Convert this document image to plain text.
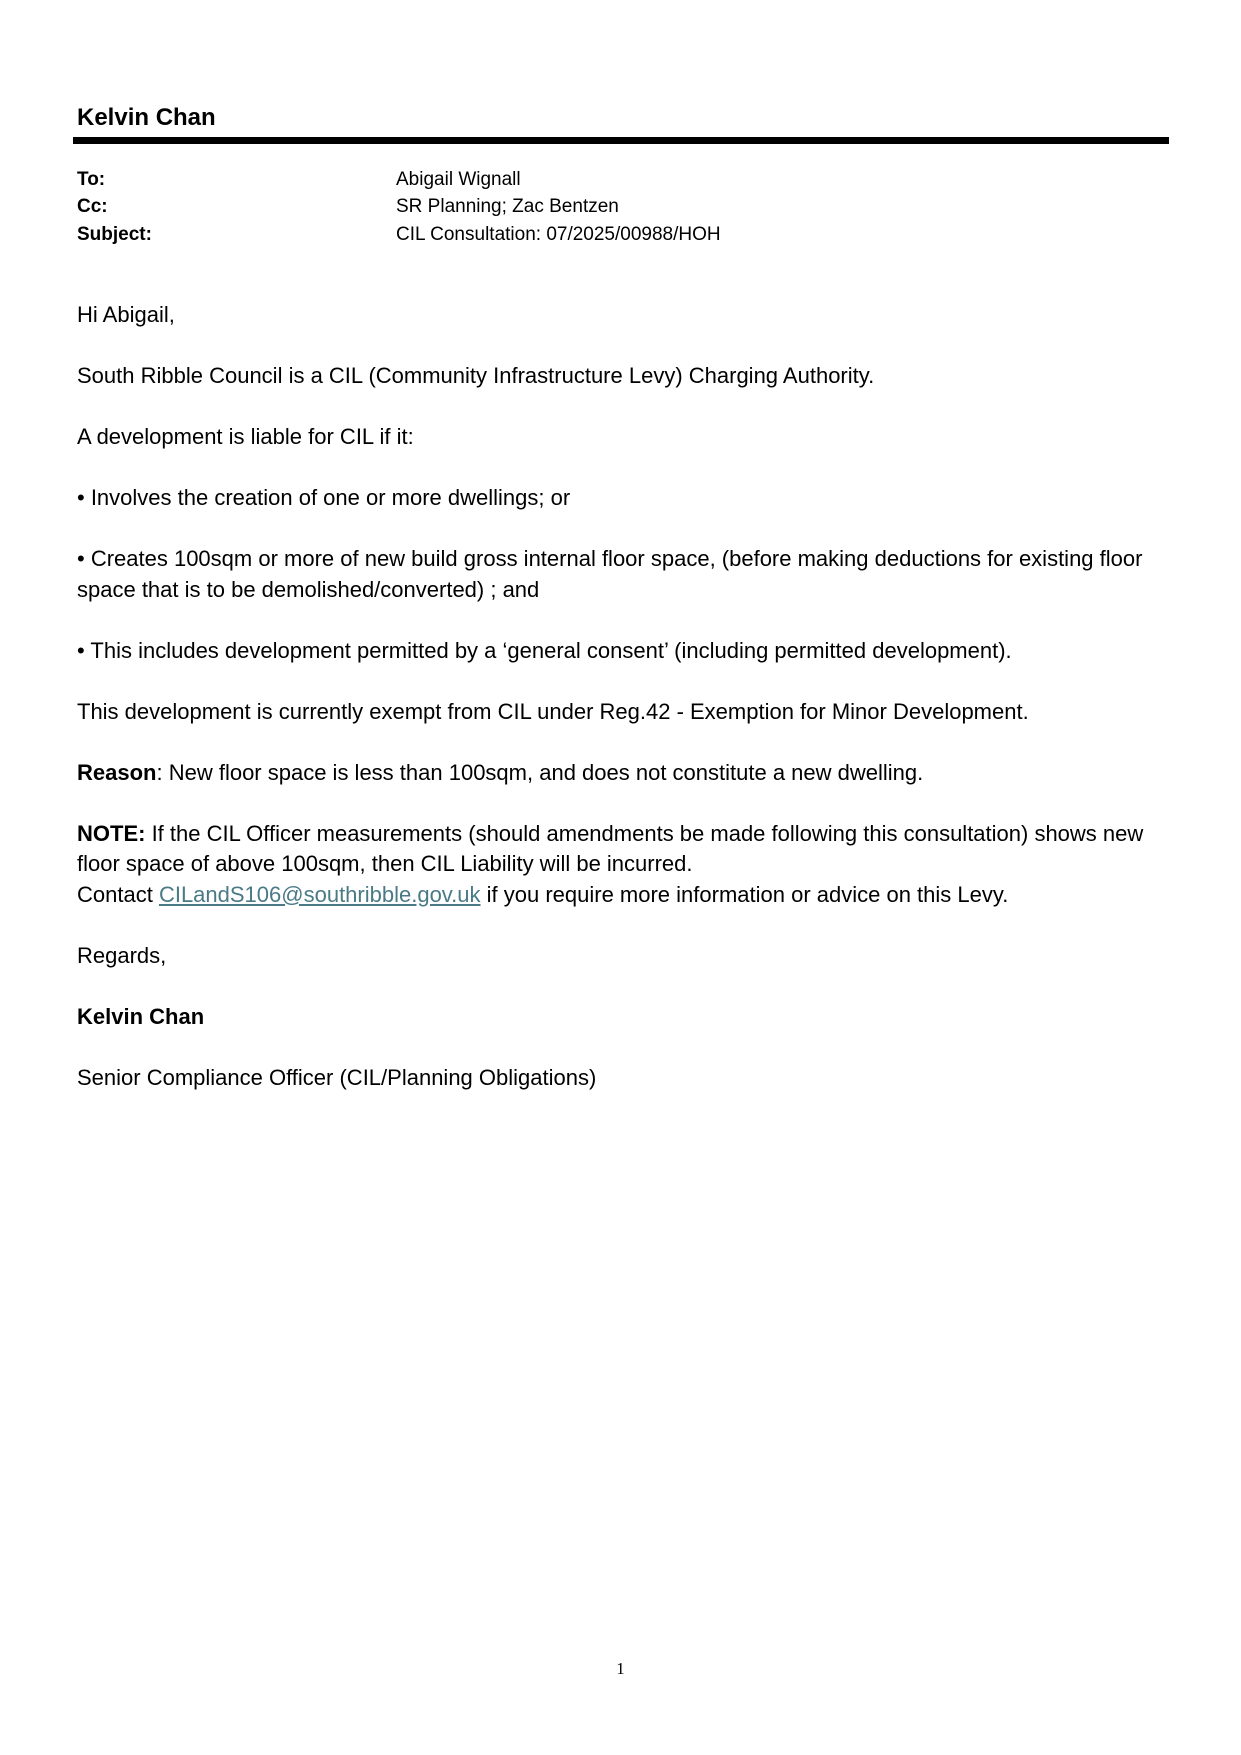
Kelvin Chan
To:	Abigail Wignall
Cc:	SR Planning; Zac Bentzen
Subject:	CIL Consultation: 07/2025/00988/HOH

Hi Abigail,

South Ribble Council is a CIL (Community Infrastructure Levy) Charging Authority.

A development is liable for CIL if it:

• Involves the creation of one or more dwellings; or

• Creates 100sqm or more of new build gross internal floor space, (before making deductions for existing floor space that is to be demolished/converted) ; and

• This includes development permitted by a ‘general consent’ (including permitted development).

This development is currently exempt from CIL under Reg.42 - Exemption for Minor Development.

Reason: New floor space is less than 100sqm, and does not constitute a new dwelling.

NOTE: If the CIL Officer measurements (should amendments be made following this consultation) shows new floor space of above 100sqm, then CIL Liability will be incurred.

Contact CILandS106@southribble.gov.uk if you require more information or advice on this Levy.

Regards,

Kelvin Chan

Senior Compliance Officer (CIL/Planning Obligations)

1
